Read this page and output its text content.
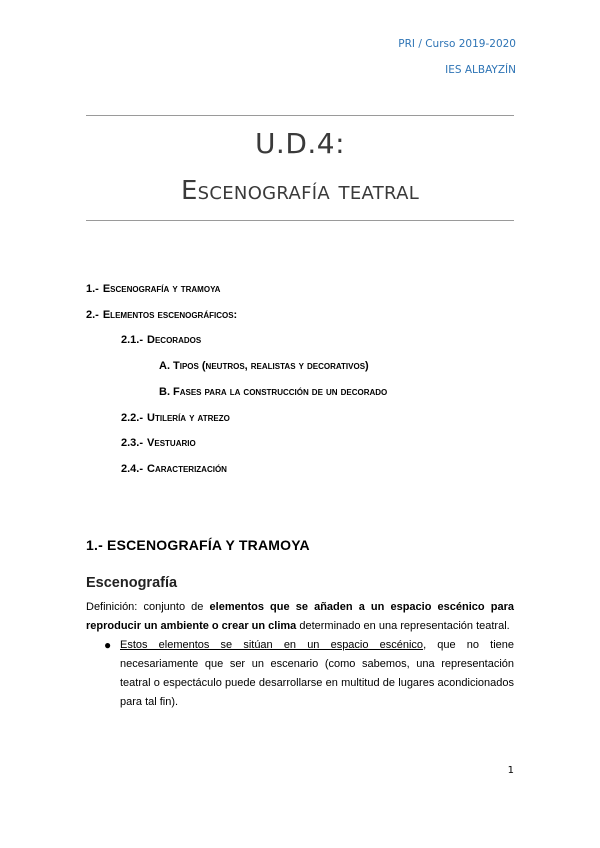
PRI / Curso 2019-2020
IES ALBAYZÍN
U.D.4:
Escenografía teatral
1.- Escenografía y tramoya
2.- Elementos escenográficos:
2.1.- Decorados
A. Tipos (neutros, realistas y decorativos)
B. Fases para la construcción de un decorado
2.2.- Utilería y atrezo
2.3.- Vestuario
2.4.- Caracterización
1.- ESCENOGRAFÍA Y TRAMOYA
Escenografía
Definición: conjunto de elementos que se añaden a un espacio escénico para reproducir un ambiente o crear un clima determinado en una representación teatral.
● Estos elementos se sitúan en un espacio escénico, que no tiene necesariamente que ser un escenario (como sabemos, una representación teatral o espectáculo puede desarrollarse en multitud de lugares acondicionados para tal fin).
1
